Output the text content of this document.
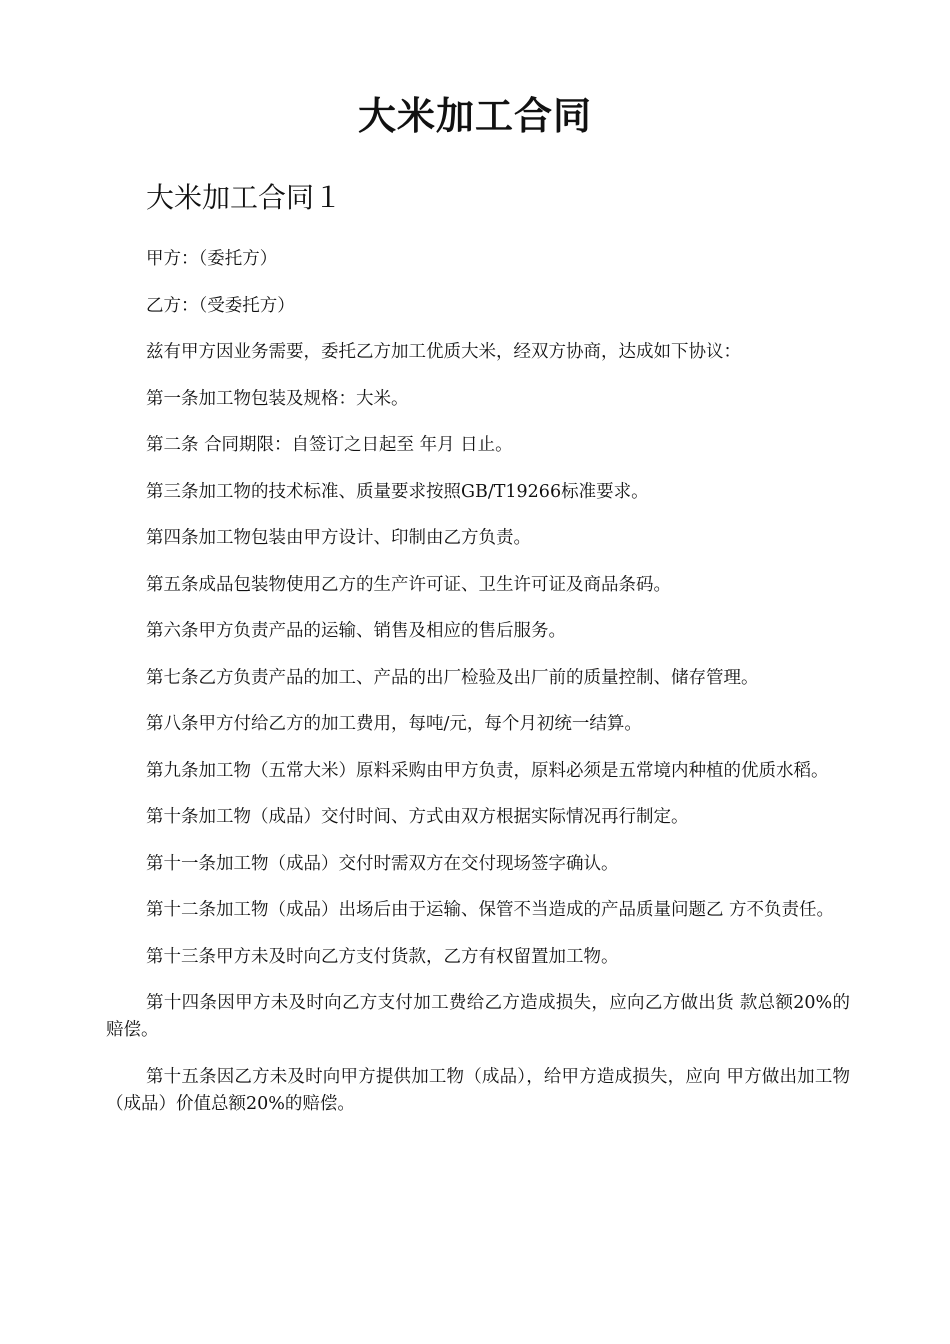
大米加工合同
大米加工合同１

甲方：（委托方）

乙方：（受委托方）

兹有甲方因业务需要，委托乙方加工优质大米，经双方协商，达成如下协议：

第一条加工物包装及规格：大米。

第二条 合同期限：自签订之日起至 年月 日止。

第三条加工物的技术标准、质量要求按照GB/T19266标准要求。

第四条加工物包装由甲方设计、印制由乙方负责。

第五条成品包装物使用乙方的生产许可证、卫生许可证及商品条码。

第六条甲方负责产品的运输、销售及相应的售后服务。

第七条乙方负责产品的加工、产品的出厂检验及出厂前的质量控制、储存管理。

第八条甲方付给乙方的加工费用，每吨/元，每个月初统一结算。

第九条加工物（五常大米）原料采购由甲方负责，原料必须是五常境内种植的优质水稻。

第十条加工物（成品）交付时间、方式由双方根据实际情况再行制定。

第十一条加工物（成品）交付时需双方在交付现场签字确认。

第十二条加工物（成品）出场后由于运输、保管不当造成的产品质量问题乙 方不负责任。

第十三条甲方未及时向乙方支付货款，乙方有权留置加工物。

第十四条因甲方未及时向乙方支付加工费给乙方造成损失，应向乙方做出货 款总额20%的赔偿。

第十五条因乙方未及时向甲方提供加工物（成品），给甲方造成损失，应向 甲方做出加工物（成品）价值总额20%的赔偿。
